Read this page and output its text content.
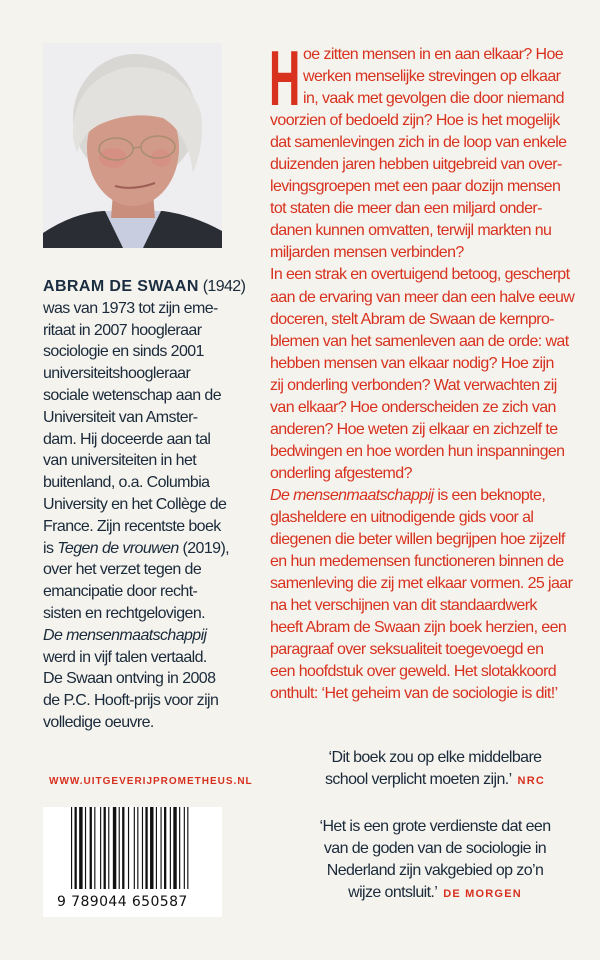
ABRAM DE SWAAN (1942)
was van 1973 tot zijn eme-
ritaat in 2007 hoogleraar
sociologie en sinds 2001
universiteitshoogleraar
sociale wetenschap aan de
Universiteit van Amster-
dam. Hij doceerde aan tal
van universiteiten in het
buitenland, o.a. Columbia
University en het Collège de
France. Zijn recentste boek
is Tegen de vrouwen (2019),
over het verzet tegen de
emancipatie door recht-
sisten en rechtgelovigen.
De mensenmaatschappij
werd in vijf talen vertaald.
De Swaan ontving in 2008
de P.C. Hooft-prijs voor zijn
volledige oeuvre.
WWW.UITGEVERIJPROMETHEUS.NL
9 789044 650587
H oe zitten mensen in en aan elkaar? Hoe
werken menselijke strevingen op elkaar
in, vaak met gevolgen die door niemand
voorzien of bedoeld zijn? Hoe is het mogelijk
dat samenlevingen zich in de loop van enkele
duizenden jaren hebben uitgebreid van over-
levingsgroepen met een paar dozijn mensen
tot staten die meer dan een miljard onder-
danen kunnen omvatten, terwijl markten nu
miljarden mensen verbinden?
In een strak en overtuigend betoog, gescherpt
aan de ervaring van meer dan een halve eeuw
doceren, stelt Abram de Swaan de kernpro-
blemen van het samenleven aan de orde: wat
hebben mensen van elkaar nodig? Hoe zijn
zij onderling verbonden? Wat verwachten zij
van elkaar? Hoe onderscheiden ze zich van
anderen? Hoe weten zij elkaar en zichzelf te
bedwingen en hoe worden hun inspanningen
onderling afgestemd?
De mensenmaatschappij is een beknopte,
glasheldere en uitnodigende gids voor al
diegenen die beter willen begrijpen hoe zijzelf
en hun medemensen functioneren binnen de
samenleving die zij met elkaar vormen. 25 jaar
na het verschijnen van dit standaardwerk
heeft Abram de Swaan zijn boek herzien, een
paragraaf over seksualiteit toegevoegd en
een hoofdstuk over geweld. Het slotakkoord
onthult: ‘Het geheim van de sociologie is dit!’
‘Dit boek zou op elke middelbare
school verplicht moeten zijn.’ NRC
‘Het is een grote verdienste dat een
van de goden van de sociologie in
Nederland zijn vakgebied op zo’n
wijze ontsluit.’ DE MORGEN
